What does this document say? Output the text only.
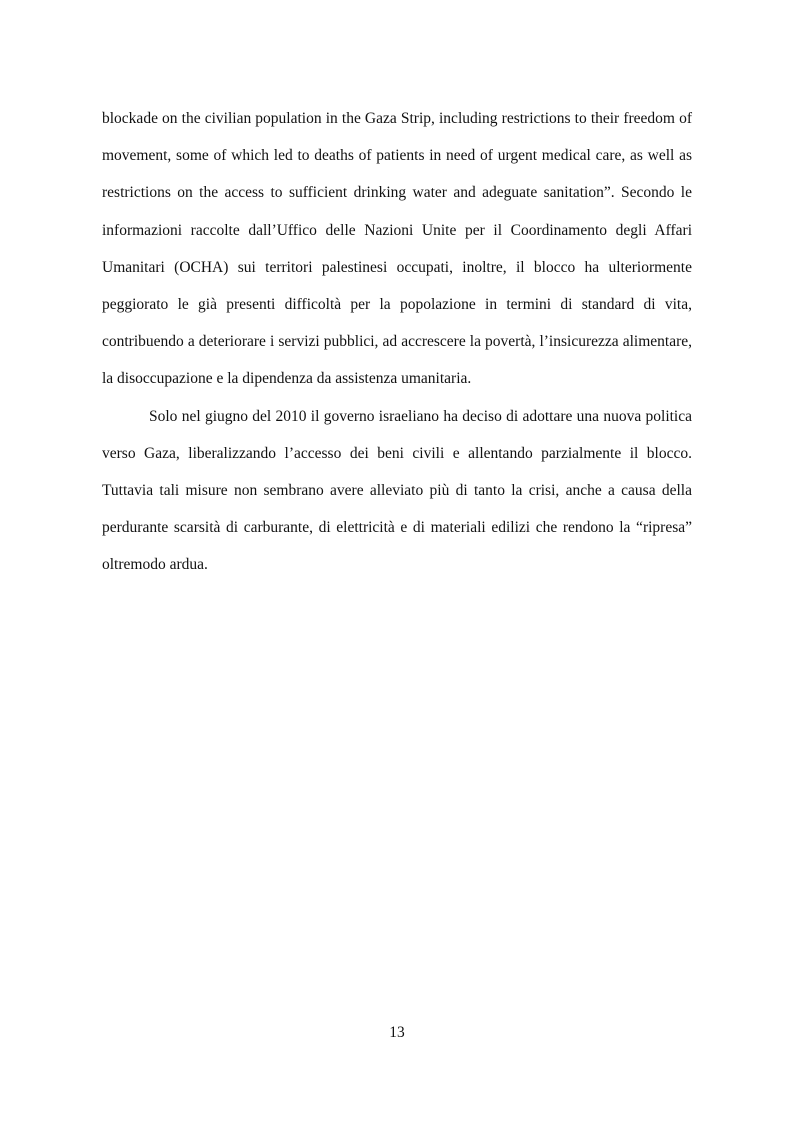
blockade on the civilian population in the Gaza Strip, including restrictions to their freedom of movement, some of which led to deaths of patients in need of urgent medical care, as well as restrictions on the access to sufficient drinking water and adeguate sanitation”. Secondo le informazioni raccolte dall’Uffico delle Nazioni Unite per il Coordinamento degli Affari Umanitari (OCHA) sui territori palestinesi occupati, inoltre, il blocco ha ulteriormente peggiorato le già presenti difficoltà per la popolazione in termini di standard di vita, contribuendo a deteriorare i servizi pubblici, ad accrescere la povertà, l’insicurezza alimentare, la disoccupazione e la dipendenza da assistenza umanitaria.

Solo nel giugno del 2010 il governo israeliano ha deciso di adottare una nuova politica verso Gaza, liberalizzando l’accesso dei beni civili e allentando parzialmente il blocco. Tuttavia tali misure non sembrano avere alleviato più di tanto la crisi, anche a causa della perdurante scarsità di carburante, di elettricità e di materiali edilizi che rendono la “ripresa” oltremodo ardua.

13
